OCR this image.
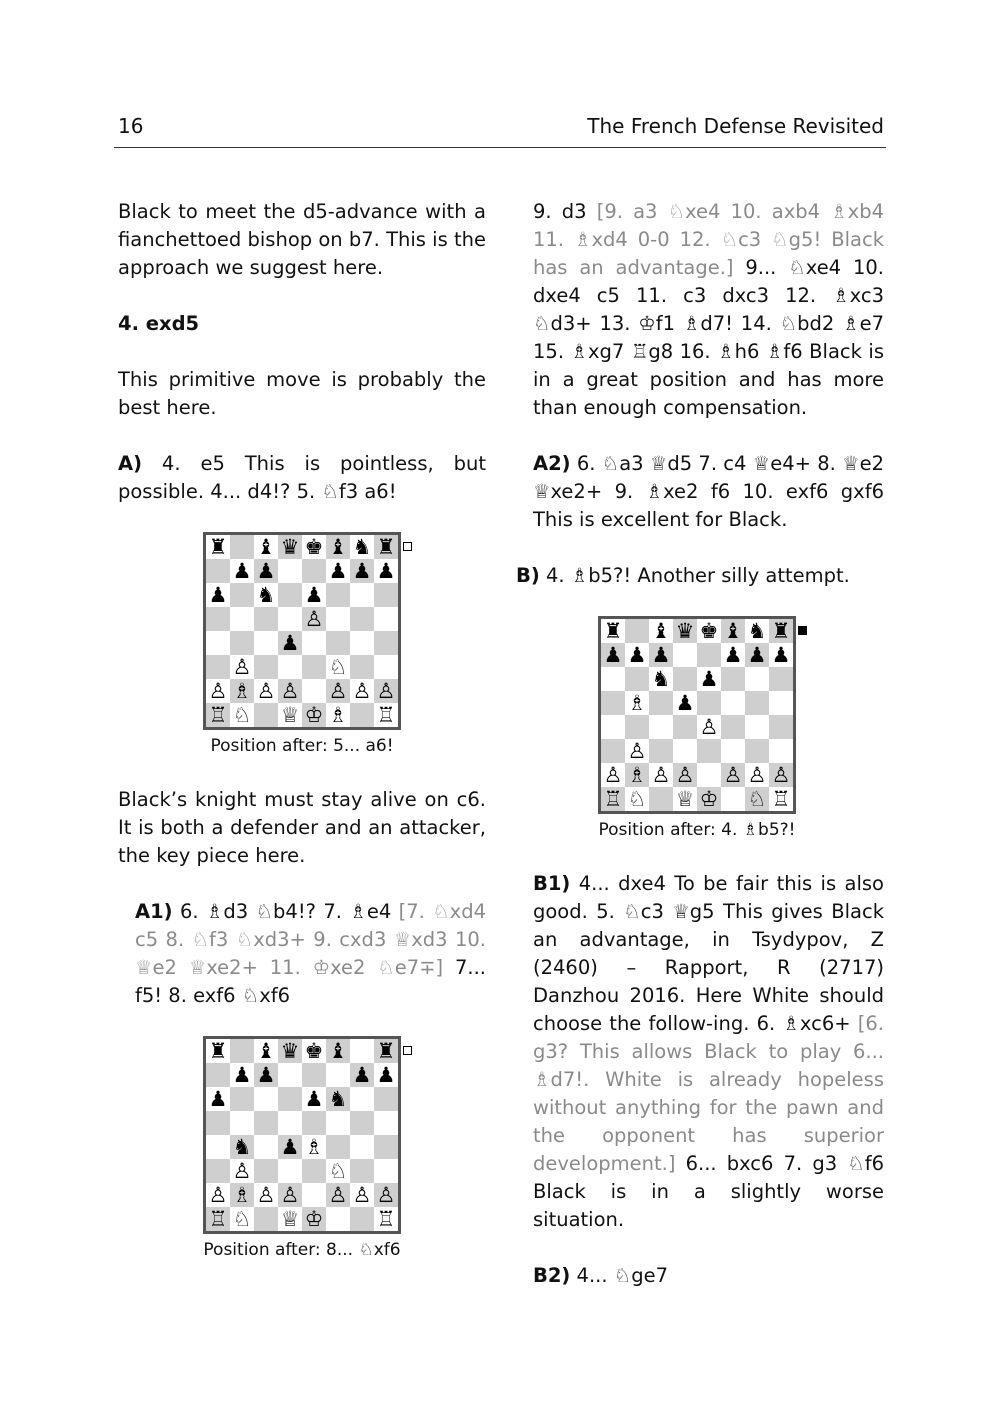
16	The French Defense Revisited

Black to meet the d5-advance with a fianchettoed bishop on b7. This is the approach we suggest here.

4. exd5

This primitive move is probably the best here.

A) 4. e5 This is pointless, but possible. 4... d4!? 5. ♘f3 a6!

♜ ♝ ♛ ♚ ♝ ♞ ♜
♟ ♟	♟ ♟ ♟
♟ ♞ ♟
♙
♟
♙	♘
♙ ♗ ♙ ♙ ♙ ♙ ♙
♖ ♘ ♕ ♔ ♗ ♖
Position after: 5... a6!

Black’s knight must stay alive on c6. It is both a defender and an attacker, the key piece here.

A1) 6. ♗d3 ♘b4!? 7. ♗e4 [7. ♘xd4 c5 8. ♘f3 ♘xd3+ 9. cxd3 ♕xd3 10. ♕e2 ♕xe2+ 11. ♔xe2 ♘e7∓] 7... f5! 8. exf6 ♘xf6

♜ ♝ ♛ ♚ ♝ ♜
♟ ♟	♟ ♟
♟	♟ ♞
♞ ♟ ♗
♙	♘
♙ ♗ ♙ ♙ ♙ ♙ ♙
♖ ♘ ♕ ♔	♖
Position after: 8... ♘xf6

9. d3 [9. a3 ♘xe4 10. axb4 ♗xb4 11. ♗xd4 0-0 12. ♘c3 ♘g5! Black has an advantage.] 9... ♘xe4 10. dxe4 c5 11. c3 dxc3 12. ♗xc3 ♘d3+ 13. ♔f1 ♗d7! 14. ♘bd2 ♗e7 15. ♗xg7 ♖g8 16. ♗h6 ♗f6 Black is in a great position and has more than enough compensation.

A2) 6. ♘a3 ♕d5 7. c4 ♕e4+ 8. ♕e2 ♕xe2+ 9. ♗xe2 f6 10. exf6 gxf6 This is excellent for Black.

B) 4. ♗b5?! Another silly attempt.

♜ ♝ ♛ ♚ ♝ ♞ ♜
♟ ♟ ♟	♟ ♟ ♟
♞ ♟
♗ ♟
♙
♙
♙ ♗ ♙ ♙ ♙ ♙ ♙
♖ ♘ ♕ ♔ ♘ ♖
Position after: 4. ♗b5?!

B1) 4... dxe4 To be fair this is also good. 5. ♘c3 ♕g5 This gives Black an advantage, in Tsydypov, Z (2460) – Rapport, R (2717) Danzhou 2016. Here White should choose the follow-ing. 6. ♗xc6+ [6. g3? This allows Black to play 6... ♗d7!. White is already hopeless without anything for the pawn and the opponent has superior development.] 6... bxc6 7. g3 ♘f6 Black is in a slightly worse situation.

B2) 4... ♘ge7
